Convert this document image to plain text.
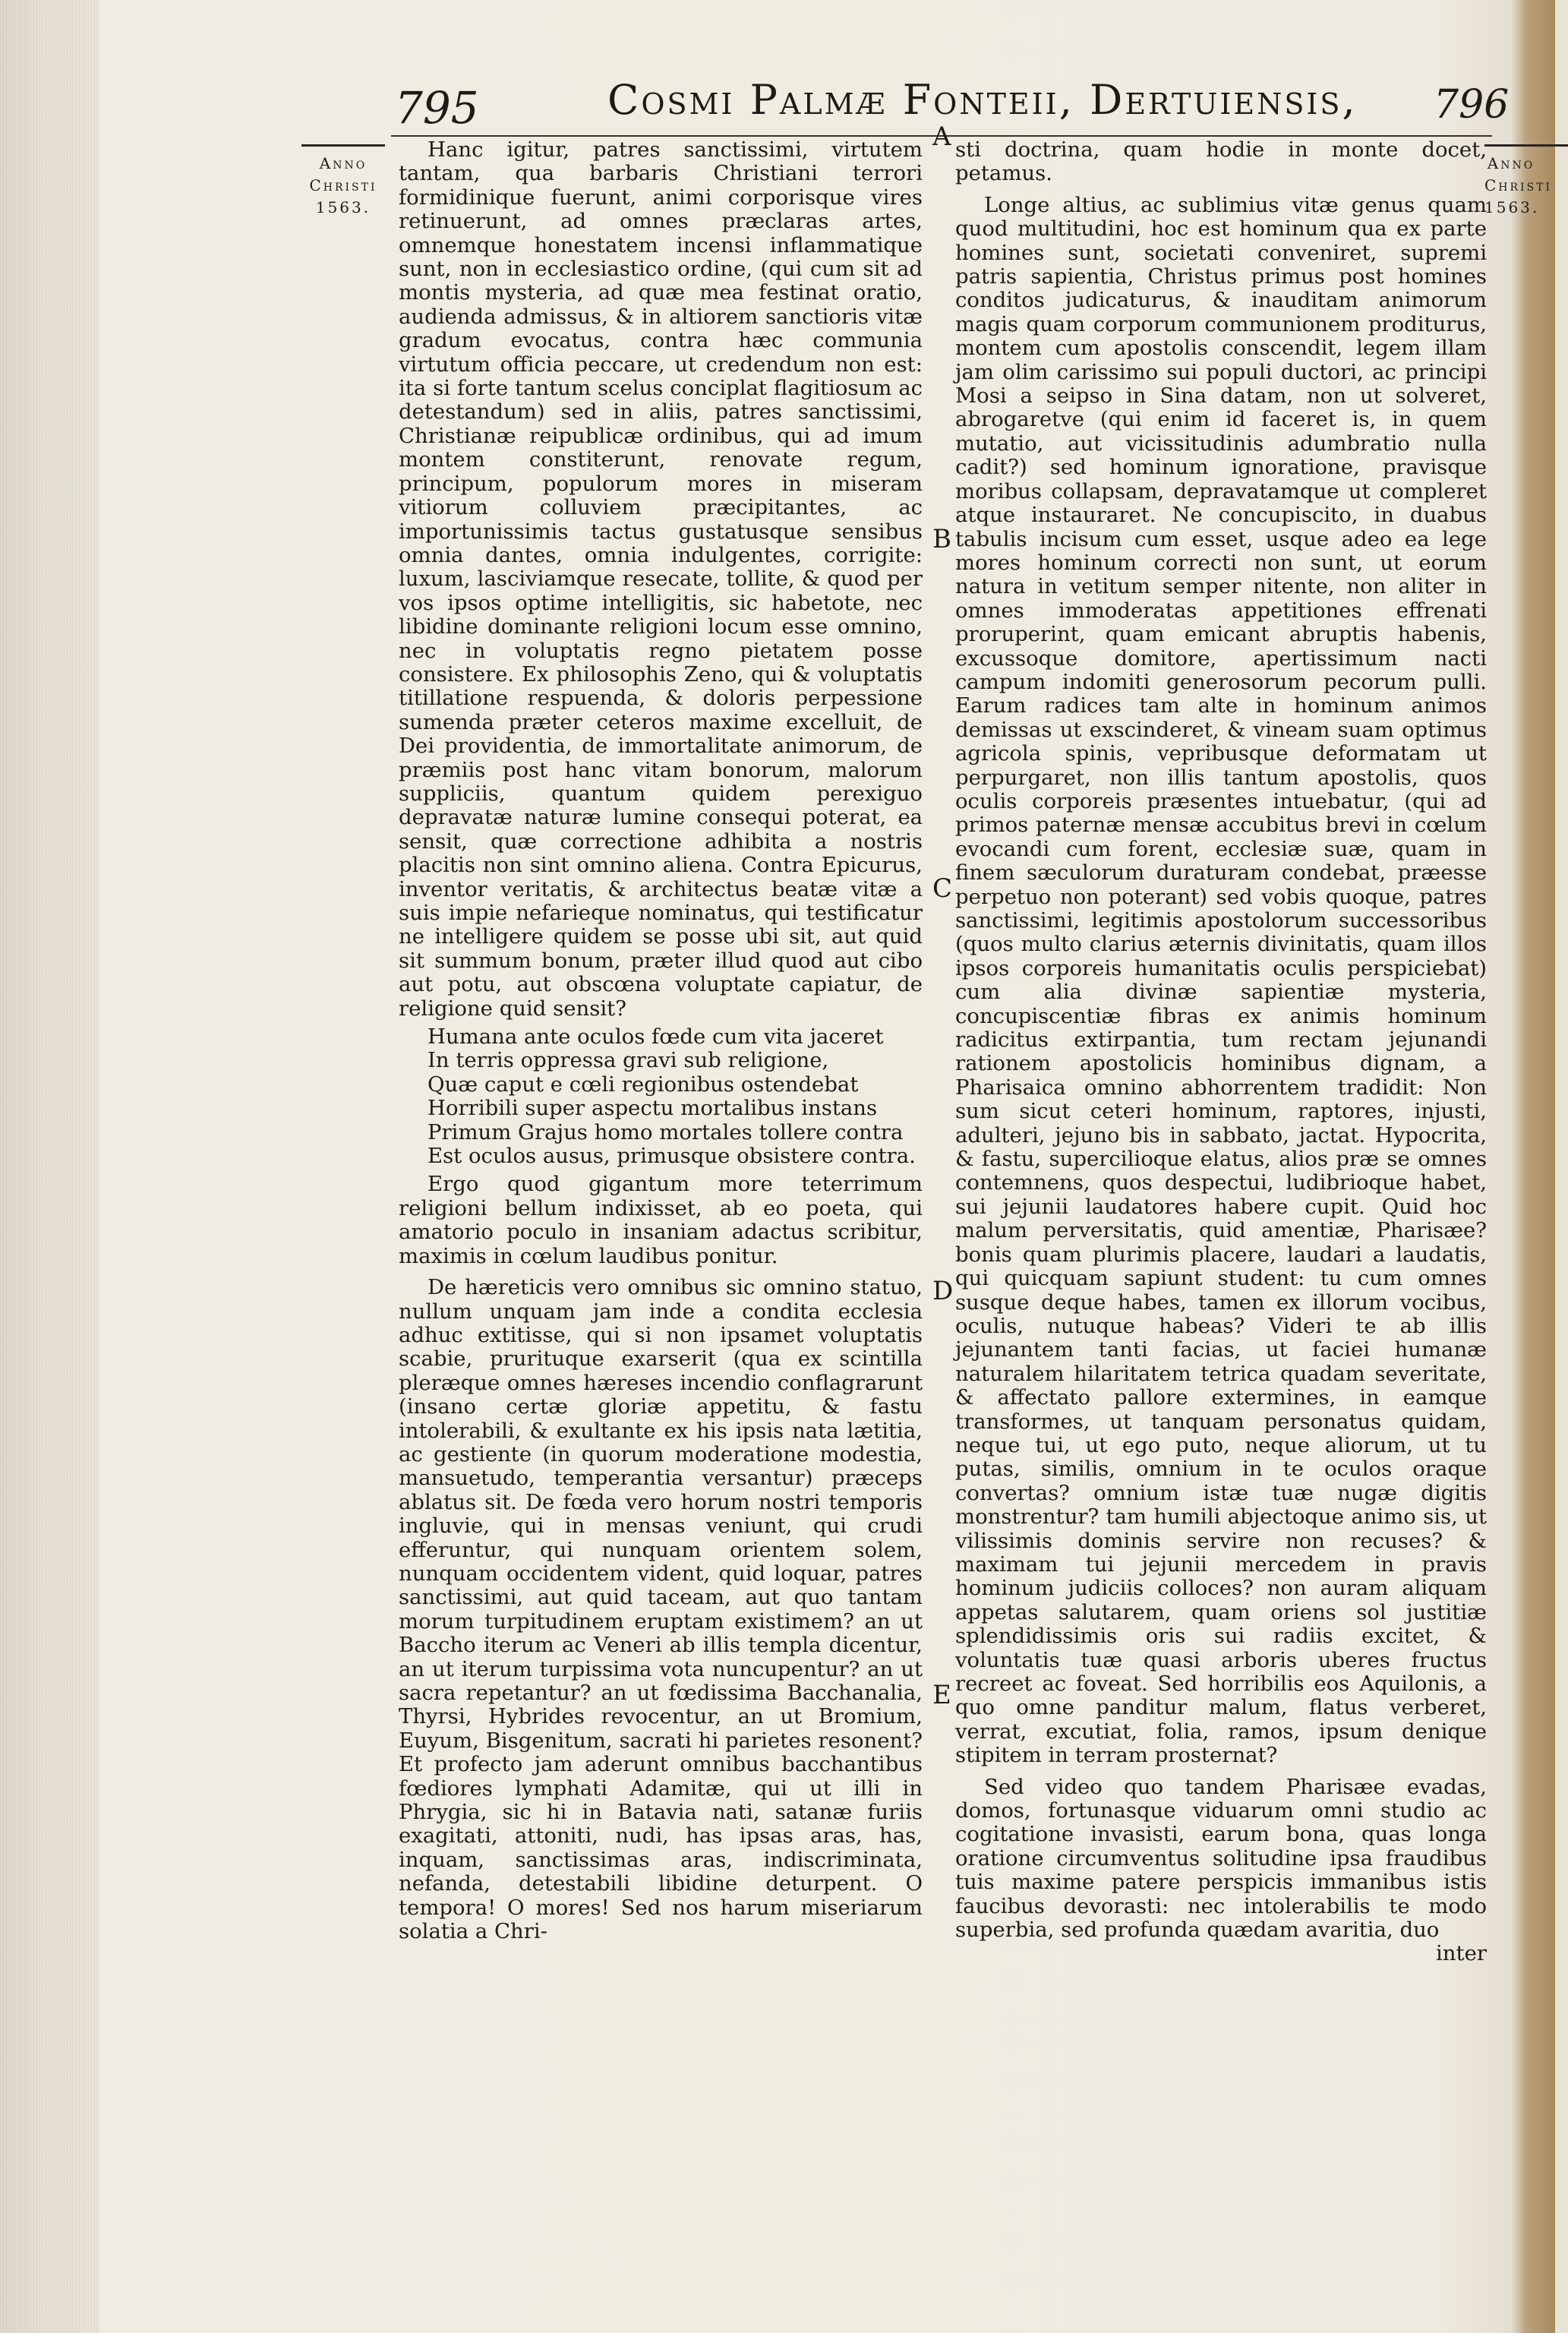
795	Cosmi Palmæ Fonteii, Dertuiensis, 796
Anno
Christi
1563.
Anno
Christi
1563.
A
B
C
D
E

Hanc igitur, patres sanctissimi, virtutem tantam, qua barbaris Christiani terrori formidinique fuerunt, animi corporisque vires retinuerunt, ad omnes præclaras artes, omnemque honestatem incensi inflammatique sunt, non in ecclesiastico ordine, (qui cum sit ad montis mysteria, ad quæ mea festinat oratio, audienda admissus, & in altiorem sanctioris vitæ gradum evocatus, contra hæc communia virtutum officia peccare, ut credendum non est: ita si forte tantum scelus conciplat flagitiosum ac detestandum) sed in aliis, patres sanctissimi, Christianæ reipublicæ ordinibus, qui ad imum montem constiterunt, renovate regum, principum, populorum mores in miseram vitiorum colluviem præcipitantes, ac importunissimis tactus gustatusque sensibus omnia dantes, omnia indulgentes, corrigite: luxum, lasciviamque resecate, tollite, & quod per vos ipsos optime intelligitis, sic habetote, nec libidine dominante religioni locum esse omnino, nec in voluptatis regno pietatem posse consistere. Ex philosophis Zeno, qui & voluptatis titillatione respuenda, & doloris perpessione sumenda præter ceteros maxime excelluit, de Dei providentia, de immortalitate animorum, de præmiis post hanc vitam bonorum, malorum suppliciis, quantum quidem perexiguo depravatæ naturæ lumine consequi poterat, ea sensit, quæ correctione adhibita a nostris placitis non sint omnino aliena. Contra Epicurus, inventor veritatis, & architectus beatæ vitæ a suis impie nefarieque nominatus, qui testificatur ne intelligere quidem se posse ubi sit, aut quid sit summum bonum, præter illud quod aut cibo aut potu, aut obscœna voluptate capiatur, de religione quid sensit?

Humana ante oculos fœde cum vita jaceret
In terris oppressa gravi sub religione,
Quæ caput e cœli regionibus ostendebat
Horribili super aspectu mortalibus instans
Primum Grajus homo mortales tollere contra
Est oculos ausus, primusque obsistere contra.

Ergo quod gigantum more teterrimum religioni bellum indixisset, ab eo poeta, qui amatorio poculo in insaniam adactus scribitur, maximis in cœlum laudibus ponitur.

De hæreticis vero omnibus sic omnino statuo, nullum unquam jam inde a condita ecclesia adhuc extitisse, qui si non ipsamet voluptatis scabie, prurituque exarserit (qua ex scintilla pleræque omnes hæreses incendio conflagrarunt (insano certæ gloriæ appetitu, & fastu intolerabili, & exultante ex his ipsis nata lætitia, ac gestiente (in quorum moderatione modestia, mansuetudo, temperantia versantur) præceps ablatus sit. De fœda vero horum nostri temporis ingluvie, qui in mensas veniunt, qui crudi efferuntur, qui nunquam orientem solem, nunquam occidentem vident, quid loquar, patres sanctissimi, aut quid taceam, aut quo tantam morum turpitudinem eruptam existimem? an ut Baccho iterum ac Veneri ab illis templa dicentur, an ut iterum turpissima vota nuncupentur? an ut sacra repetantur? an ut fœdissima Bacchanalia, Thyrsi, Hybrides revocentur, an ut Bromium, Euyum, Bisgenitum, sacrati hi parietes resonent? Et profecto jam aderunt omnibus bacchantibus fœdiores lymphati Adamitæ, qui ut illi in Phrygia, sic hi in Batavia nati, satanæ furiis exagitati, attoniti, nudi, has ipsas aras, has, inquam, sanctissimas aras, indiscriminata, nefanda, detestabili libidine deturpent. O tempora! O mores! Sed nos harum miseriarum solatia a Chri-

sti doctrina, quam hodie in monte docet, petamus.

Longe altius, ac sublimius vitæ genus quam quod multitudini, hoc est hominum qua ex parte homines sunt, societati conveniret, supremi patris sapientia, Christus primus post homines conditos judicaturus, & inauditam animorum magis quam corporum communionem proditurus, montem cum apostolis conscendit, legem illam jam olim carissimo sui populi ductori, ac principi Mosi a seipso in Sina datam, non ut solveret, abrogaretve (qui enim id faceret is, in quem mutatio, aut vicissitudinis adumbratio nulla cadit?) sed hominum ignoratione, pravisque moribus collapsam, depravatamque ut compleret atque instauraret. Ne concupiscito, in duabus tabulis incisum cum esset, usque adeo ea lege mores hominum correcti non sunt, ut eorum natura in vetitum semper nitente, non aliter in omnes immoderatas appetitiones effrenati proruperint, quam emicant abruptis habenis, excussoque domitore, apertissimum nacti campum indomiti generosorum pecorum pulli. Earum radices tam alte in hominum animos demissas ut exscinderet, & vineam suam optimus agricola spinis, vepribusque deformatam ut perpurgaret, non illis tantum apostolis, quos oculis corporeis præsentes intuebatur, (qui ad primos paternæ mensæ accubitus brevi in cœlum evocandi cum forent, ecclesiæ suæ, quam in finem sæculorum duraturam condebat, præesse perpetuo non poterant) sed vobis quoque, patres sanctissimi, legitimis apostolorum successoribus (quos multo clarius æternis divinitatis, quam illos ipsos corporeis humanitatis oculis perspiciebat) cum alia divinæ sapientiæ mysteria, concupiscentiæ fibras ex animis hominum radicitus extirpantia, tum rectam jejunandi rationem apostolicis hominibus dignam, a Pharisaica omnino abhorrentem tradidit: Non sum sicut ceteri hominum, raptores, injusti, adulteri, jejuno bis in sabbato, jactat. Hypocrita, & fastu, supercilioque elatus, alios præ se omnes contemnens, quos despectui, ludibrioque habet, sui jejunii laudatores habere cupit. Quid hoc malum perversitatis, quid amentiæ, Pharisæe? bonis quam plurimis placere, laudari a laudatis, qui quicquam sapiunt student: tu cum omnes susque deque habes, tamen ex illorum vocibus, oculis, nutuque habeas? Videri te ab illis jejunantem tanti facias, ut faciei humanæ naturalem hilaritatem tetrica quadam severitate, & affectato pallore extermines, in eamque transformes, ut tanquam personatus quidam, neque tui, ut ego puto, neque aliorum, ut tu putas, similis, omnium in te oculos oraque convertas? omnium istæ tuæ nugæ digitis monstrentur? tam humili abjectoque animo sis, ut vilissimis dominis servire non recuses? & maximam tui jejunii mercedem in pravis hominum judiciis colloces? non auram aliquam appetas salutarem, quam oriens sol justitiæ splendidissimis oris sui radiis excitet, & voluntatis tuæ quasi arboris uberes fructus recreet ac foveat. Sed horribilis eos Aquilonis, a quo omne panditur malum, flatus verberet, verrat, excutiat, folia, ramos, ipsum denique stipitem in terram prosternat?

Sed video quo tandem Pharisæe evadas, domos, fortunasque viduarum omni studio ac cogitatione invasisti, earum bona, quas longa oratione circumventus solitudine ipsa fraudibus tuis maxime patere perspicis immanibus istis faucibus devorasti: nec intolerabilis te modo superbia, sed profunda quædam avaritia, duo

inter
